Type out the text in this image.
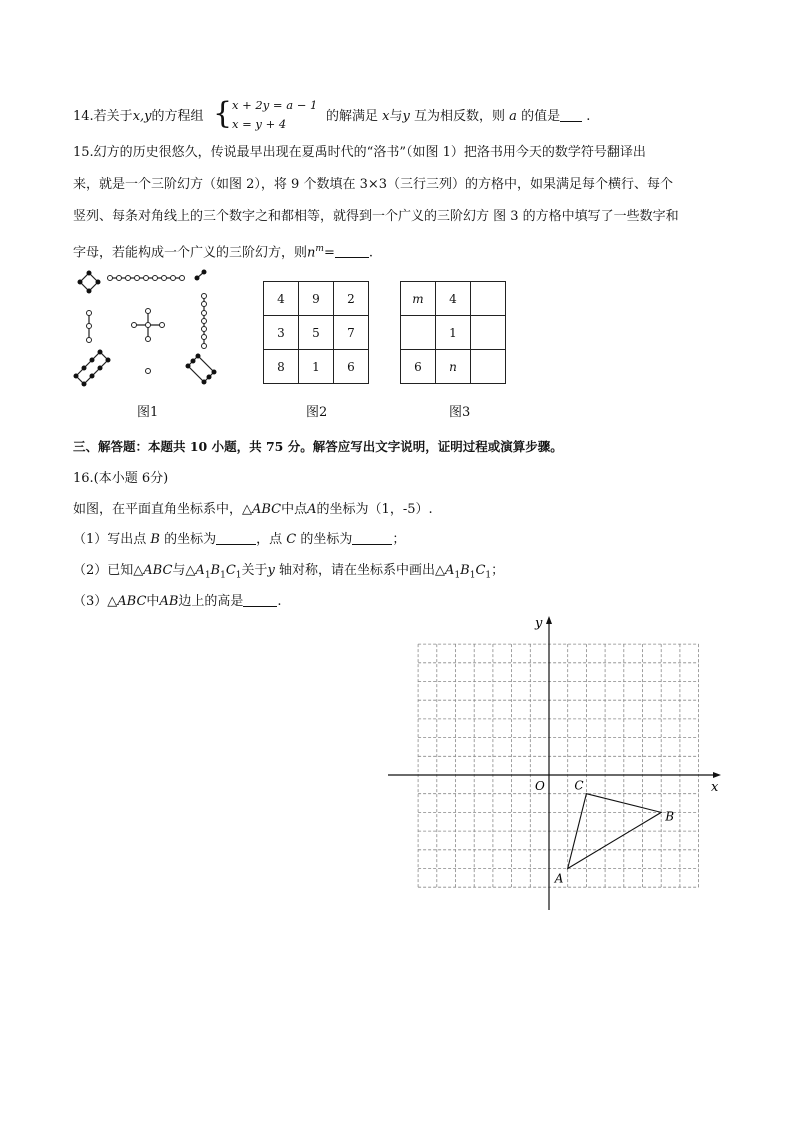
14.若关于x,y的方程组 { x + 2y = a − 1
x = y + 4	的解满足 x与y 互为相反数，则 a 的值是 .
15.幻方的历史很悠久，传说最早出现在夏禹时代的“洛书”（如图 1）把洛书用今天的数学符号翻译出
来，就是一个三阶幻方（如图 2），将 9 个数填在 3×3（三行三列）的方格中，如果满足每个横行、每个
竖列、每条对角线上的三个数字之和都相等，就得到一个广义的三阶幻方 图 3 的方格中填写了一些数字和
字母，若能构成一个广义的三阶幻方，则$n^m=$	.
图1
4	9	2
3	5	7
8	1	6
图2
m	4	
	1	
6	n	
图3
三、解答题：本题共 10 小题，共 75 分。解答应写出文字说明，证明过程或演算步骤。
16.(本小题 6分)
如图，在平面直角坐标系中，△ABC中点A的坐标为（1，-5）.
（1）写出点 B 的坐标为	，点 C 的坐标为	；
（2）已知△ABC与$\triangle A_1B_1C_1$关于y 轴对称，请在坐标系中画出$\triangle A_1B_1C_1$；
（3）△ABC中AB边上的高是	.
x
y
O
A
B
C
